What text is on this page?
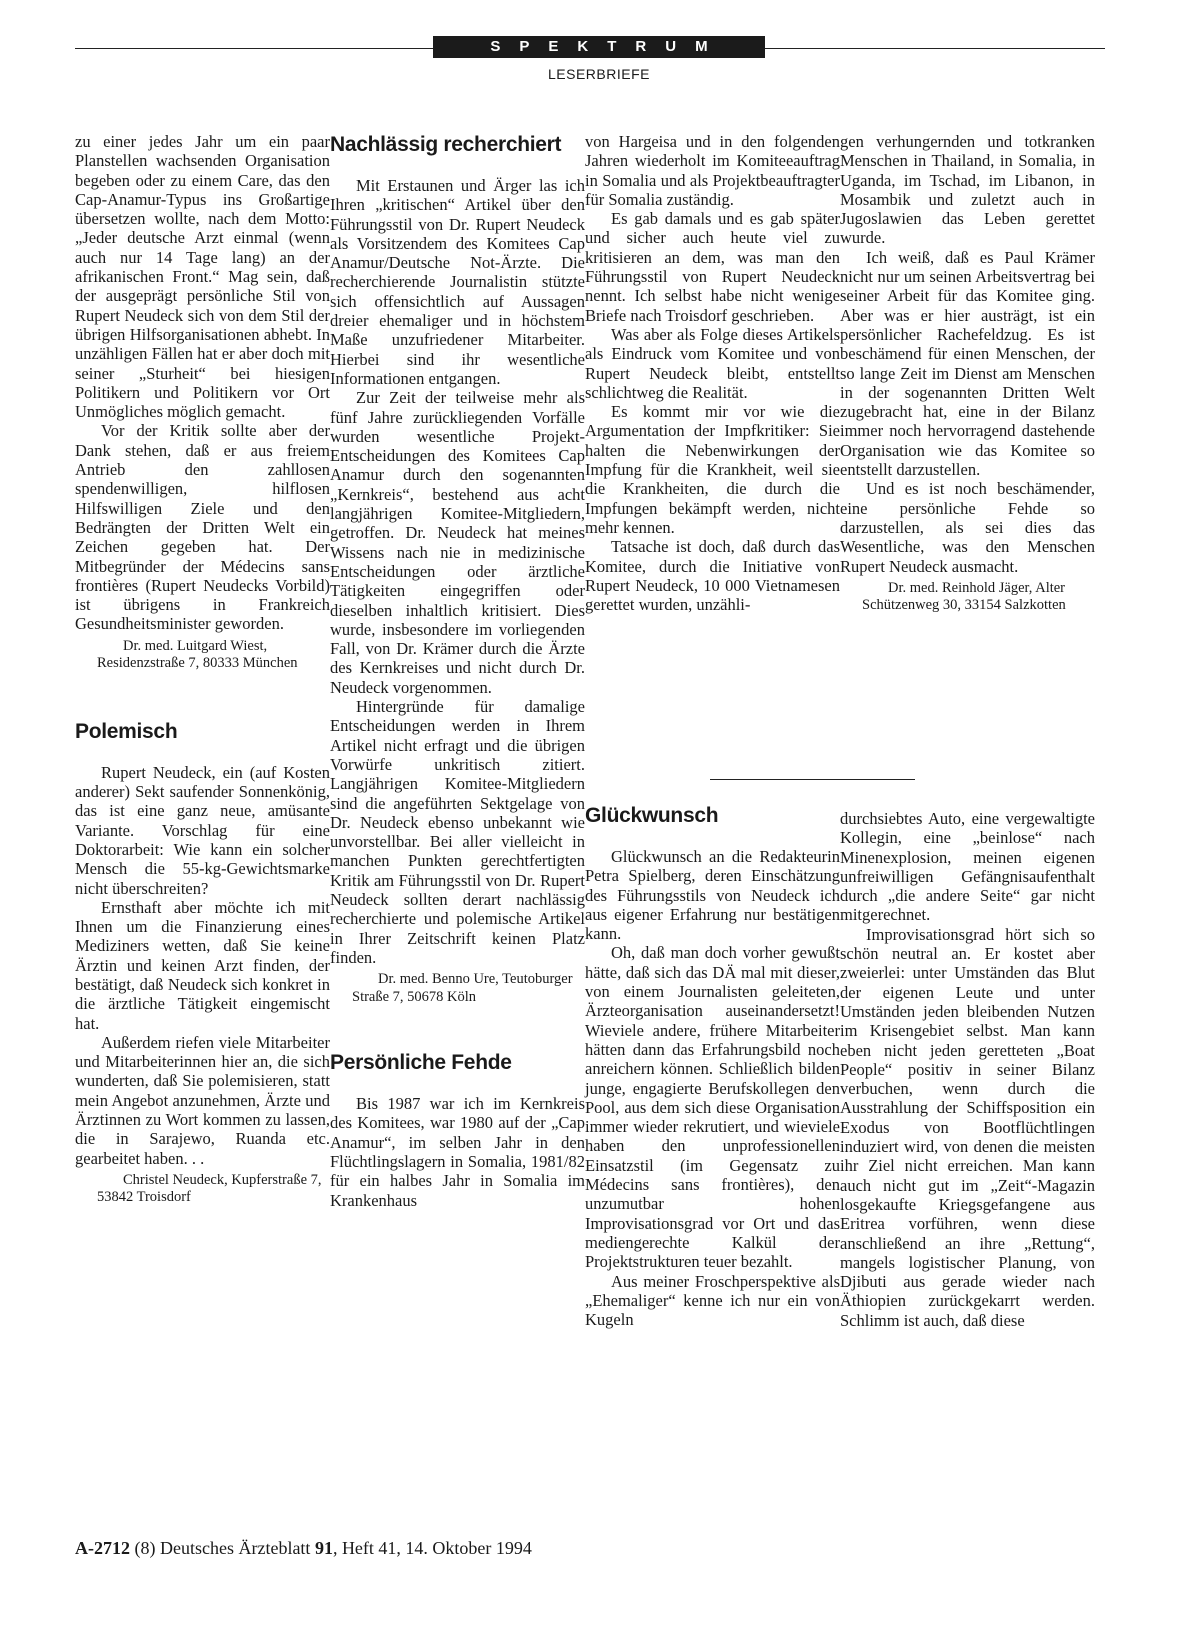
SPEKTRUM
LESERBRIEFE

zu einer jedes Jahr um ein paar Planstellen wachsenden Organisation begeben oder zu einem Care, das den Cap-Anamur-Typus ins Großartige übersetzen wollte, nach dem Motto: „Jeder deutsche Arzt einmal (wenn auch nur 14 Tage lang) an der afrikanischen Front.“ Mag sein, daß der ausgeprägt persönliche Stil von Rupert Neudeck sich von dem Stil der übrigen Hilfsorganisationen abhebt. In unzähligen Fällen hat er aber doch mit seiner „Sturheit“ bei hiesigen Politikern und Politikern vor Ort Unmögliches möglich gemacht.

Vor der Kritik sollte aber der Dank stehen, daß er aus freiem Antrieb den zahllosen spendenwilligen, hilflosen Hilfswilligen Ziele und den Bedrängten der Dritten Welt ein Zeichen gegeben hat. Der Mitbegründer der Médecins sans frontières (Rupert Neudecks Vorbild) ist übrigens in Frankreich Gesundheitsminister geworden.

Dr. med. Luitgard Wiest, Residenzstraße 7, 80333 München

Polemisch

Rupert Neudeck, ein (auf Kosten anderer) Sekt saufender Sonnenkönig, das ist eine ganz neue, amüsante Variante. Vorschlag für eine Doktorarbeit: Wie kann ein solcher Mensch die 55-kg-Gewichtsmarke nicht überschreiten?

Ernsthaft aber möchte ich mit Ihnen um die Finanzierung eines Mediziners wetten, daß Sie keine Ärztin und keinen Arzt finden, der bestätigt, daß Neudeck sich konkret in die ärztliche Tätigkeit eingemischt hat.

Außerdem riefen viele Mitarbeiter und Mitarbeiterinnen hier an, die sich wunderten, daß Sie polemisieren, statt mein Angebot anzunehmen, Ärzte und Ärztinnen zu Wort kommen zu lassen, die in Sarajewo, Ruanda etc. gearbeitet haben. . .

Christel Neudeck, Kupferstraße 7, 53842 Troisdorf

Nachlässig recherchiert

Mit Erstaunen und Ärger las ich Ihren „kritischen“ Artikel über den Führungsstil von Dr. Rupert Neudeck als Vorsitzendem des Komitees Cap Anamur/Deutsche Not-Ärzte. Die recherchierende Journalistin stützte sich offensichtlich auf Aussagen dreier ehemaliger und in höchstem Maße unzufriedener Mitarbeiter. Hierbei sind ihr wesentliche Informationen entgangen.

Zur Zeit der teilweise mehr als fünf Jahre zurückliegenden Vorfälle wurden wesentliche Projekt-Entscheidungen des Komitees Cap Anamur durch den sogenannten „Kernkreis“, bestehend aus acht langjährigen Komitee-Mitgliedern, getroffen. Dr. Neudeck hat meines Wissens nach nie in medizinische Entscheidungen oder ärztliche Tätigkeiten eingegriffen oder dieselben inhaltlich kritisiert. Dies wurde, insbesondere im vorliegenden Fall, von Dr. Krämer durch die Ärzte des Kernkreises und nicht durch Dr. Neudeck vorgenommen.

Hintergründe für damalige Entscheidungen werden in Ihrem Artikel nicht erfragt und die übrigen Vorwürfe unkritisch zitiert. Langjährigen Komitee-Mitgliedern sind die angeführten Sektgelage von Dr. Neudeck ebenso unbekannt wie unvorstellbar. Bei aller vielleicht in manchen Punkten gerechtfertigten Kritik am Führungsstil von Dr. Rupert Neudeck sollten derart nachlässig recherchierte und polemische Artikel in Ihrer Zeitschrift keinen Platz finden.

Dr. med. Benno Ure, Teutoburger Straße 7, 50678 Köln

Persönliche Fehde

Bis 1987 war ich im Kernkreis des Komitees, war 1980 auf der „Cap Anamur“, im selben Jahr in den Flüchtlingslagern in Somalia, 1981/82 für ein halbes Jahr in Somalia im Krankenhaus

von Hargeisa und in den folgenden Jahren wiederholt im Komiteeauftrag in Somalia und als Projektbeauftragter für Somalia zuständig.

Es gab damals und es gab später und sicher auch heute viel zu kritisieren an dem, was man den Führungsstil von Rupert Neudeck nennt. Ich selbst habe nicht wenige Briefe nach Troisdorf geschrieben.

Was aber als Folge dieses Artikels als Eindruck vom Komitee und von Rupert Neudeck bleibt, entstellt schlichtweg die Realität.

Es kommt mir vor wie die Argumentation der Impfkritiker: Sie halten die Nebenwirkungen der Impfung für die Krankheit, weil sie die Krankheiten, die durch die Impfungen bekämpft werden, nicht mehr kennen.

Tatsache ist doch, daß durch das Komitee, durch die Initiative von Rupert Neudeck, 10 000 Vietnamesen gerettet wurden, unzähli-

gen verhungernden und totkranken Menschen in Thailand, in Somalia, in Uganda, im Tschad, im Libanon, in Mosambik und zuletzt auch in Jugoslawien das Leben gerettet wurde.

Ich weiß, daß es Paul Krämer nicht nur um seinen Arbeitsvertrag bei seiner Arbeit für das Komitee ging. Aber was er hier austrägt, ist ein persönlicher Rachefeldzug. Es ist beschämend für einen Menschen, der so lange Zeit im Dienst am Menschen in der sogenannten Dritten Welt zugebracht hat, eine in der Bilanz immer noch hervorragend dastehende Organisation wie das Komitee so entstellt darzustellen.

Und es ist noch beschämender, eine persönliche Fehde so darzustellen, als sei dies das Wesentliche, was den Menschen Rupert Neudeck ausmacht.

Dr. med. Reinhold Jäger, Alter Schützenweg 30, 33154 Salzkotten

Glückwunsch

Glückwunsch an die Redakteurin Petra Spielberg, deren Einschätzung des Führungsstils von Neudeck ich aus eigener Erfahrung nur bestätigen kann.

Oh, daß man doch vorher gewußt hätte, daß sich das DÄ mal mit dieser, von einem Journalisten geleiteten, Ärzteorganisation auseinandersetzt! Wieviele andere, frühere Mitarbeiter hätten dann das Erfahrungsbild noch anreichern können. Schließlich bilden junge, engagierte Berufskollegen den Pool, aus dem sich diese Organisation immer wieder rekrutiert, und wieviele haben den unprofessionellen Einsatzstil (im Gegensatz zu Médecins sans frontières), den unzumutbar hohen Improvisationsgrad vor Ort und das mediengerechte Kalkül der Projektstrukturen teuer bezahlt.

Aus meiner Froschperspektive als „Ehemaliger“ kenne ich nur ein von Kugeln

durchsiebtes Auto, eine vergewaltigte Kollegin, eine „beinlose“ nach Minenexplosion, meinen eigenen unfreiwilligen Gefängnisaufenthalt durch „die andere Seite“ gar nicht mitgerechnet.

Improvisationsgrad hört sich so schön neutral an. Er kostet aber zweierlei: unter Umständen das Blut der eigenen Leute und unter Umständen jeden bleibenden Nutzen im Krisengebiet selbst. Man kann eben nicht jeden geretteten „Boat People“ positiv in seiner Bilanz verbuchen, wenn durch die Ausstrahlung der Schiffsposition ein Exodus von Bootflüchtlingen induziert wird, von denen die meisten ihr Ziel nicht erreichen. Man kann auch nicht gut im „Zeit“-Magazin losgekaufte Kriegsgefangene aus Eritrea vorführen, wenn diese anschließend an ihre „Rettung“, mangels logistischer Planung, von Djibuti aus gerade wieder nach Äthiopien zurückgekarrt werden. Schlimm ist auch, daß diese

A-2712 (8) Deutsches Ärzteblatt 91, Heft 41, 14. Oktober 1994
